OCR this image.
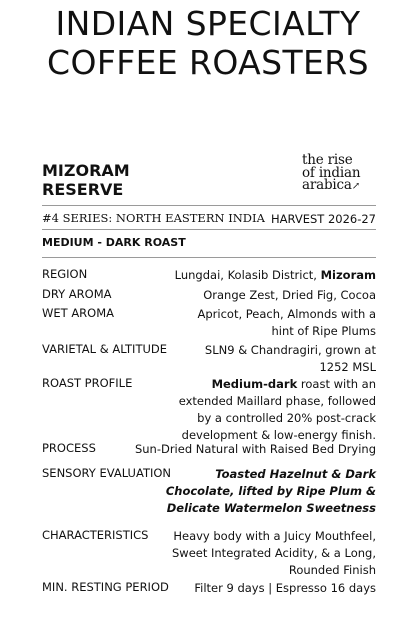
INDIAN SPECIALTY
COFFEE ROASTERS
MIZORAM
RESERVE
the rise
of indian
arabica↗
#4 SERIES: NORTH EASTERN INDIA HARVEST 2026-27
MEDIUM - DARK ROAST
REGION	Lungdai, Kolasib District, Mizoram
DRY AROMA	Orange Zest, Dried Fig, Cocoa
WET AROMA	Apricot, Peach, Almonds with a
hint of Ripe Plums
VARIETAL & ALTITUDE	SLN9 & Chandragiri, grown at
1252 MSL
ROAST PROFILE	Medium-dark roast with an
extended Maillard phase, followed
by a controlled 20% post-crack
development & low-energy finish.
PROCESS	Sun-Dried Natural with Raised Bed Drying
SENSORY EVALUATION	Toasted Hazelnut & Dark
Chocolate, lifted by Ripe Plum &
Delicate Watermelon Sweetness
CHARACTERISTICS Heavy body with a Juicy Mouthfeel,
Sweet Integrated Acidity, & a Long,
Rounded Finish
MIN. RESTING PERIOD Filter 9 days | Espresso 16 days
